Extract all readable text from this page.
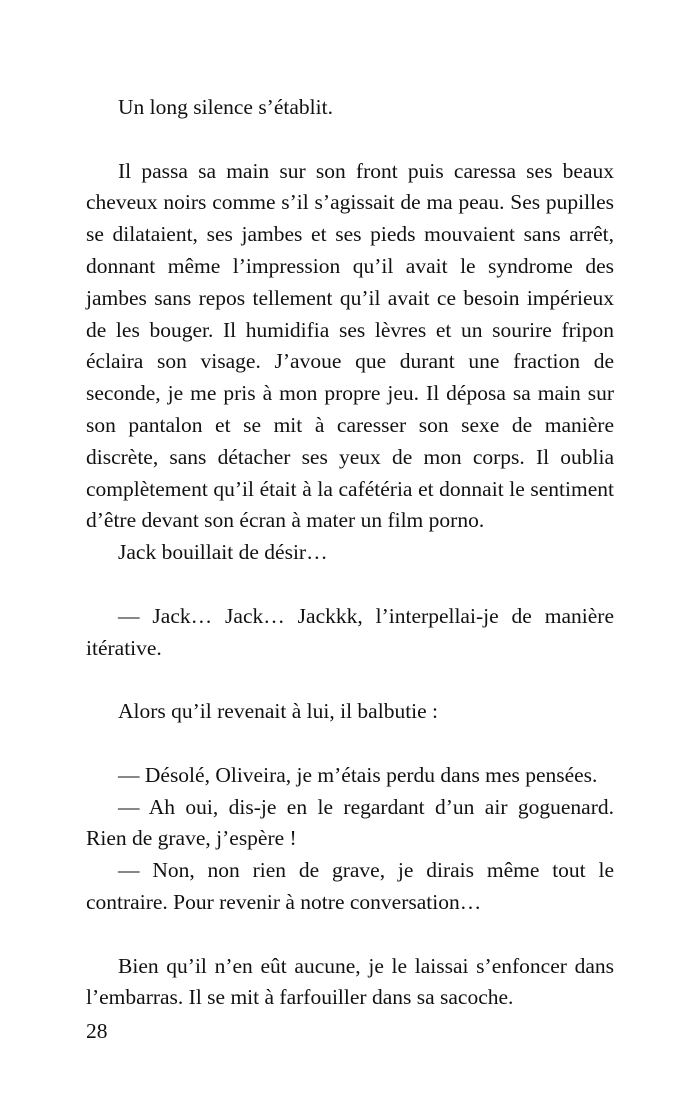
Un long silence s’établit.

Il passa sa main sur son front puis caressa ses beaux cheveux noirs comme s’il s’agissait de ma peau. Ses pupilles se dilataient, ses jambes et ses pieds mouvaient sans arrêt, donnant même l’impression qu’il avait le syndrome des jambes sans repos tellement qu’il avait ce besoin impérieux de les bouger. Il humidifia ses lèvres et un sourire fripon éclaira son visage. J’avoue que durant une fraction de seconde, je me pris à mon propre jeu. Il déposa sa main sur son pantalon et se mit à caresser son sexe de manière discrète, sans détacher ses yeux de mon corps. Il oublia complètement qu’il était à la cafétéria et donnait le sentiment d’être devant son écran à mater un film porno.

Jack bouillait de désir…

— Jack… Jack… Jackkk, l’interpellai-je de manière itérative.

Alors qu’il revenait à lui, il balbutie :

— Désolé, Oliveira, je m’étais perdu dans mes pensées.

— Ah oui, dis-je en le regardant d’un air goguenard. Rien de grave, j’espère !

— Non, non rien de grave, je dirais même tout le contraire. Pour revenir à notre conversation…

Bien qu’il n’en eût aucune, je le laissai s’enfoncer dans l’embarras. Il se mit à farfouiller dans sa sacoche.

28
